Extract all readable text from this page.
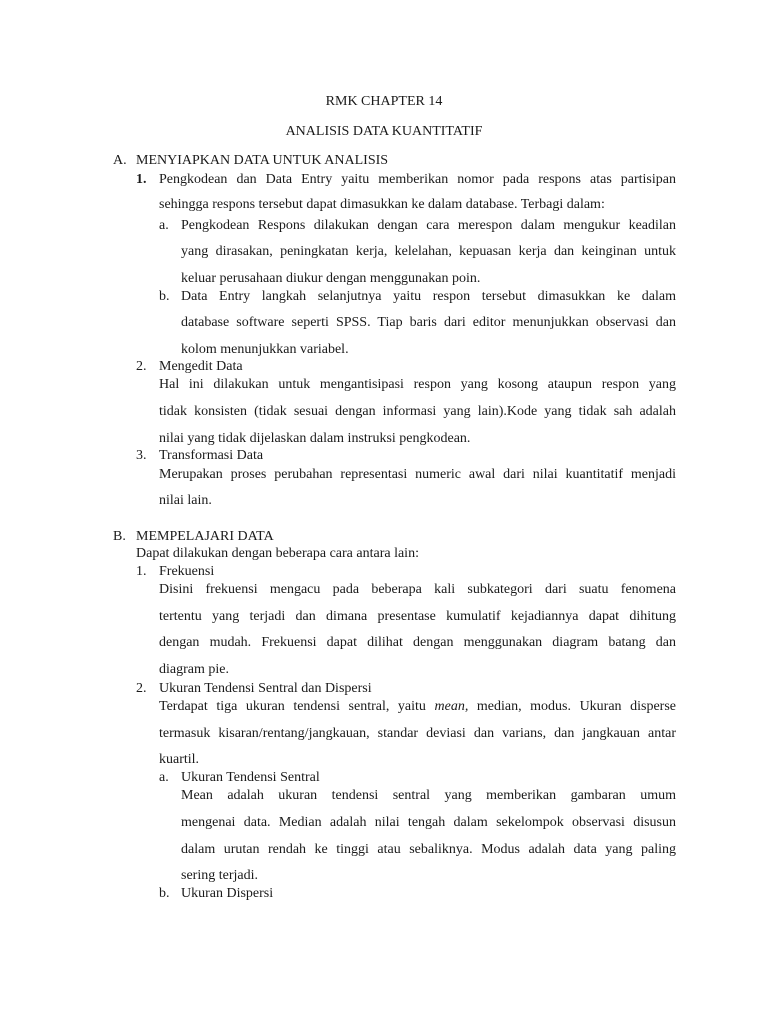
RMK CHAPTER 14
ANALISIS DATA KUANTITATIF
A. MENYIAPKAN DATA UNTUK ANALISIS
1. Pengkodean dan Data Entry yaitu memberikan nomor pada respons atas partisipan
sehingga respons tersebut dapat dimasukkan ke dalam database. Terbagi dalam:
a. Pengkodean Respons dilakukan dengan cara merespon dalam mengukur keadilan
yang dirasakan, peningkatan kerja, kelelahan, kepuasan kerja dan keinginan untuk
keluar perusahaan diukur dengan menggunakan poin.
b. Data Entry langkah selanjutnya yaitu respon tersebut dimasukkan ke dalam
database software seperti SPSS. Tiap baris dari editor menunjukkan observasi dan
kolom menunjukkan variabel.
2. Mengedit Data
Hal ini dilakukan untuk mengantisipasi respon yang kosong ataupun respon yang
tidak konsisten (tidak sesuai dengan informasi yang lain).Kode yang tidak sah adalah
nilai yang tidak dijelaskan dalam instruksi pengkodean.
3. Transformasi Data
Merupakan proses perubahan representasi numeric awal dari nilai kuantitatif menjadi
nilai lain.
B. MEMPELAJARI DATA
Dapat dilakukan dengan beberapa cara antara lain:
1. Frekuensi
Disini frekuensi mengacu pada beberapa kali subkategori dari suatu fenomena
tertentu yang terjadi dan dimana presentase kumulatif kejadiannya dapat dihitung
dengan mudah. Frekuensi dapat dilihat dengan menggunakan diagram batang dan
diagram pie.
2. Ukuran Tendensi Sentral dan Dispersi
Terdapat tiga ukuran tendensi sentral, yaitu mean, median, modus. Ukuran disperse
termasuk kisaran/rentang/jangkauan, standar deviasi dan varians, dan jangkauan antar
kuartil.
a. Ukuran Tendensi Sentral
Mean adalah ukuran tendensi sentral yang memberikan gambaran umum
mengenai data. Median adalah nilai tengah dalam sekelompok observasi disusun
dalam urutan rendah ke tinggi atau sebaliknya. Modus adalah data yang paling
sering terjadi.
b. Ukuran Dispersi
